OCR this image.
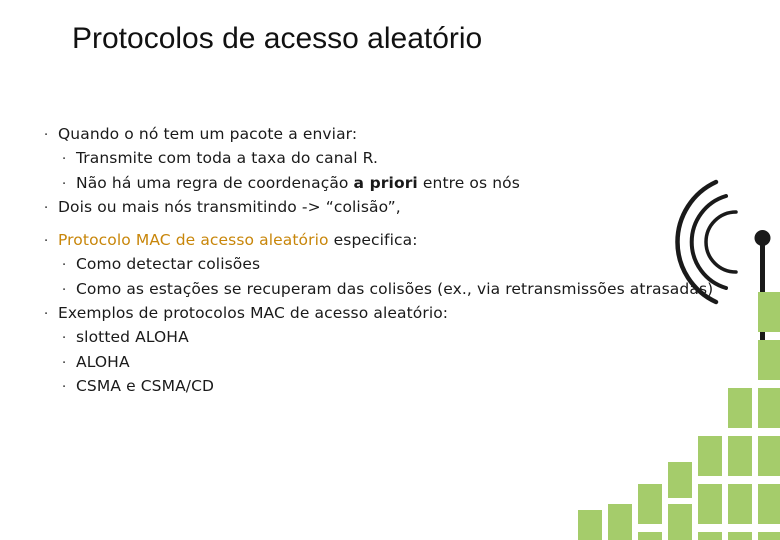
Protocolos de acesso aleatório
· Quando o nó tem um pacote a enviar:
· Transmite com toda a taxa do canal R.
· Não há uma regra de coordenação a priori entre os nós
· Dois ou mais nós transmitindo -> “colisão”,
· Protocolo MAC de acesso aleatório especifica:
· Como detectar colisões
· Como as estações se recuperam das colisões (ex., via retransmissões atrasadas)
· Exemplos de protocolos MAC de acesso aleatório:
· slotted ALOHA
· ALOHA
· CSMA e CSMA/CD
